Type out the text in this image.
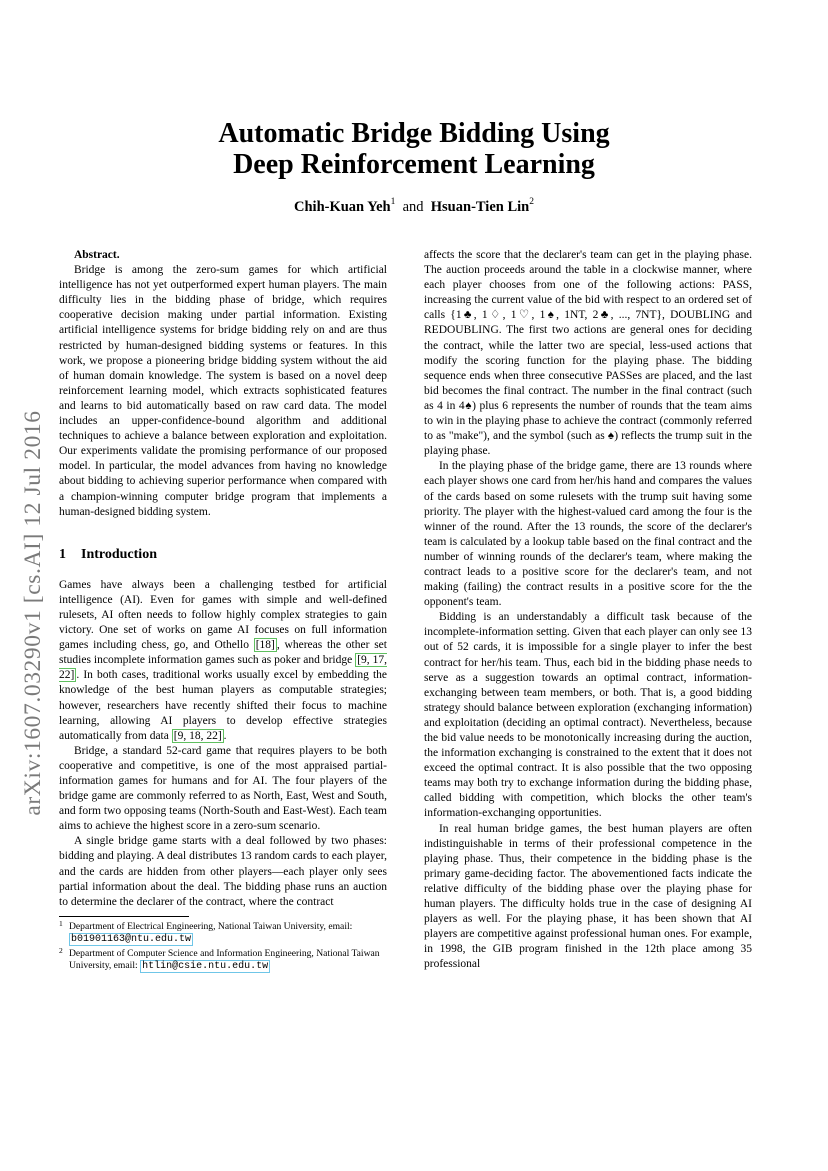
arXiv:1607.03290v1 [cs.AI] 12 Jul 2016
Automatic Bridge Bidding Using
Deep Reinforcement Learning
Chih-Kuan Yeh$^1$ and Hsuan-Tien Lin$^2$

Abstract.

Bridge is among the zero-sum games for which artificial intelligence has not yet outperformed expert human players. The main difficulty lies in the bidding phase of bridge, which requires cooperative decision making under partial information. Existing artificial intelligence systems for bridge bidding rely on and are thus restricted by human-designed bidding systems or features. In this work, we propose a pioneering bridge bidding system without the aid of human domain knowledge. The system is based on a novel deep reinforcement learning model, which extracts sophisticated features and learns to bid automatically based on raw card data. The model includes an upper-confidence-bound algorithm and additional techniques to achieve a balance between exploration and exploitation. Our experiments validate the promising performance of our proposed model. In particular, the model advances from having no knowledge about bidding to achieving superior performance when compared with a champion-winning computer bridge program that implements a human-designed bidding system.

1 Introduction

Games have always been a challenging testbed for artificial intelligence (AI). Even for games with simple and well-defined rulesets, AI often needs to follow highly complex strategies to gain victory. One set of works on game AI focuses on full information games including chess, go, and Othello [18] , whereas the other set studies incomplete information games such as poker and bridge [9, 17, 22] . In both cases, traditional works usually excel by embedding the knowledge of the best human players as computable strategies; however, researchers have recently shifted their focus to machine learning, allowing AI players to develop effective strategies automatically from data [9, 18, 22] .

Bridge, a standard 52-card game that requires players to be both cooperative and competitive, is one of the most appraised partial-information games for humans and for AI. The four players of the bridge game are commonly referred to as North, East, West and South, and form two opposing teams (North-South and East-West). Each team aims to achieve the highest score in a zero-sum scenario.

A single bridge game starts with a deal followed by two phases: bidding and playing. A deal distributes 13 random cards to each player, and the cards are hidden from other players—each player only sees partial information about the deal. The bidding phase runs an auction to determine the declarer of the contract, where the contract

affects the score that the declarer's team can get in the playing phase. The auction proceeds around the table in a clockwise manner, where each player chooses from one of the following actions: PASS, increasing the current value of the bid with respect to an ordered set of calls {1♣, 1♢, 1♡, 1♠, 1NT, 2♣, ..., 7NT}, DOUBLING and REDOUBLING. The first two actions are general ones for deciding the contract, while the latter two are special, less-used actions that modify the scoring function for the playing phase. The bidding sequence ends when three consecutive PASSes are placed, and the last bid becomes the final contract. The number in the final contract (such as 4 in 4♠) plus 6 represents the number of rounds that the team aims to win in the playing phase to achieve the contract (commonly referred to as "make"), and the symbol (such as ♠) reflects the trump suit in the playing phase.

In the playing phase of the bridge game, there are 13 rounds where each player shows one card from her/his hand and compares the values of the cards based on some rulesets with the trump suit having some priority. The player with the highest-valued card among the four is the winner of the round. After the 13 rounds, the score of the declarer's team is calculated by a lookup table based on the final contract and the number of winning rounds of the declarer's team, where making the contract leads to a positive score for the declarer's team, and not making (failing) the contract results in a positive score for the the opponent's team.

Bidding is an understandably a difficult task because of the incomplete-information setting. Given that each player can only see 13 out of 52 cards, it is impossible for a single player to infer the best contract for her/his team. Thus, each bid in the bidding phase needs to serve as a suggestion towards an optimal contract, information-exchanging between team members, or both. That is, a good bidding strategy should balance between exploration (exchanging information) and exploitation (deciding an optimal contract). Nevertheless, because the bid value needs to be monotonically increasing during the auction, the information exchanging is constrained to the extent that it does not exceed the optimal contract. It is also possible that the two opposing teams may both try to exchange information during the bidding phase, called bidding with competition, which blocks the other team's information-exchanging opportunities.

In real human bridge games, the best human players are often indistinguishable in terms of their professional competence in the playing phase. Thus, their competence in the bidding phase is the primary game-deciding factor. The abovementioned facts indicate the relative difficulty of the bidding phase over the playing phase for human players. The difficulty holds true in the case of designing AI players as well. For the playing phase, it has been shown that AI players are competitive against professional human ones. For example, in 1998, the GIB program finished in the 12th place among 35 professional

1 Department of Electrical Engineering, National Taiwan University, email: b01901163@ntu.edu.tw
2 Department of Computer Science and Information Engineering, National Taiwan University, email: htlin@csie.ntu.edu.tw
